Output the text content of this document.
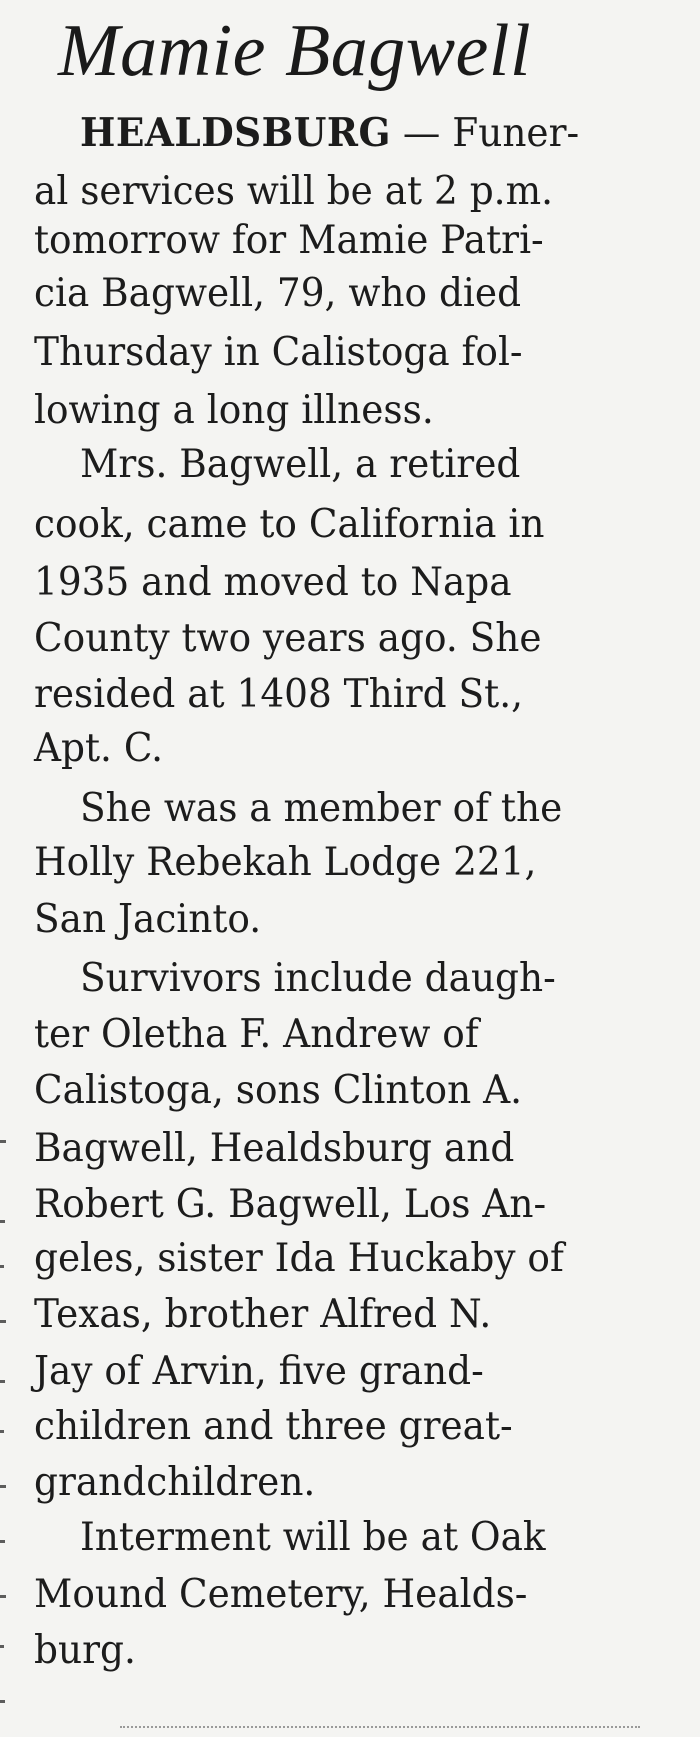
Mamie Bagwell
HEALDSBURG — Funer-
al services will be at 2 p.m.
tomorrow for Mamie Patri-
cia Bagwell, 79, who died
Thursday in Calistoga fol-
lowing a long illness.
Mrs. Bagwell, a retired
cook, came to California in
1935 and moved to Napa
County two years ago. She
resided at 1408 Third St.,
Apt. C.
She was a member of the
Holly Rebekah Lodge 221,
San Jacinto.
Survivors include daugh-
ter Oletha F. Andrew of
Calistoga, sons Clinton A.
Bagwell, Healdsburg and
Robert G. Bagwell, Los An-
geles, sister Ida Huckaby of
Texas, brother Alfred N.
Jay of Arvin, five grand-
children and three great-
grandchildren.
Interment will be at Oak
Mound Cemetery, Healds-
burg.
